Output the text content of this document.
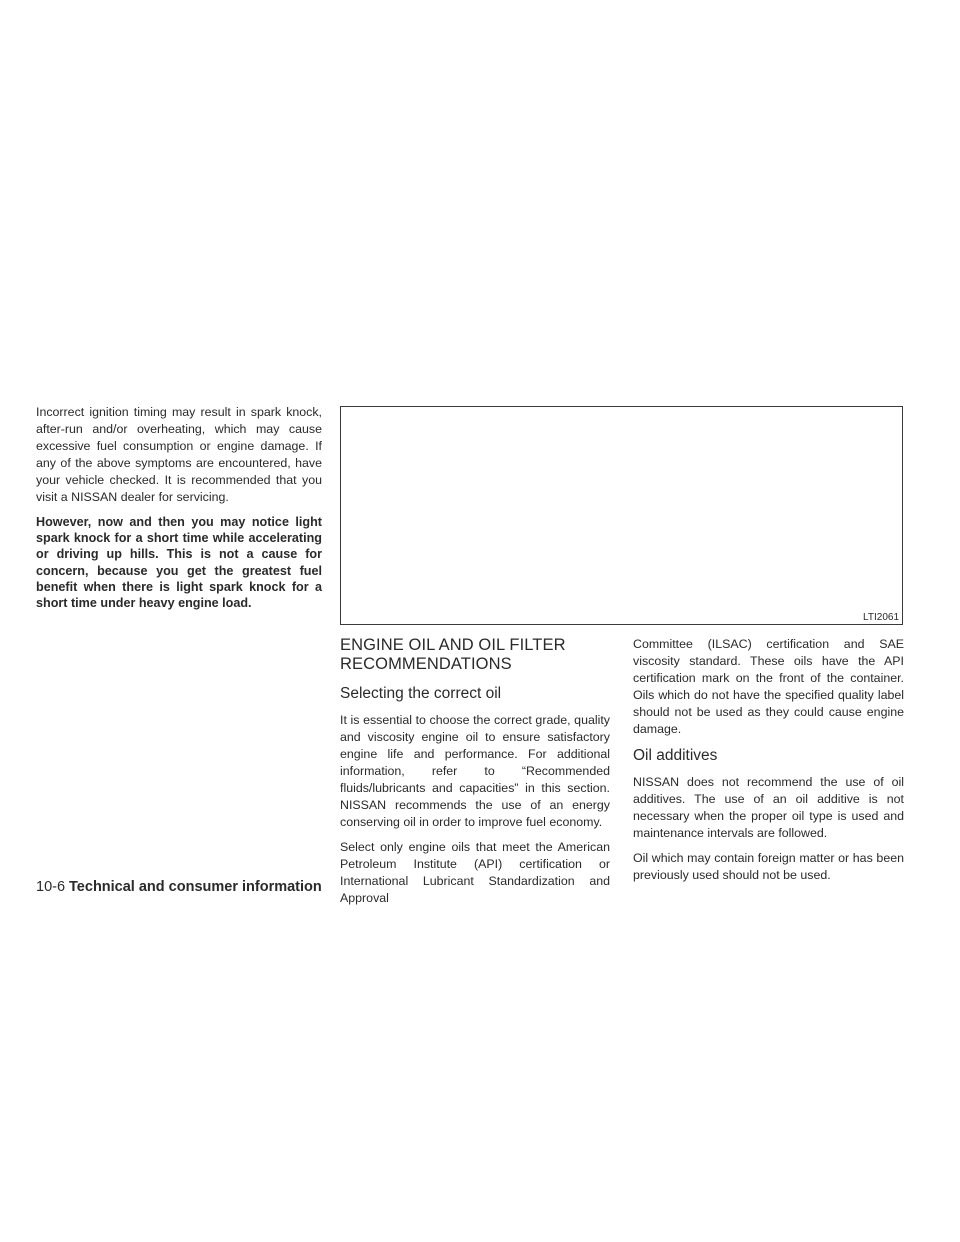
Incorrect ignition timing may result in spark knock, after-run and/or overheating, which may cause excessive fuel consumption or engine damage. If any of the above symptoms are encountered, have your vehicle checked. It is recommended that you visit a NISSAN dealer for servicing.

However, now and then you may notice light spark knock for a short time while accelerating or driving up hills. This is not a cause for concern, because you get the greatest fuel benefit when there is light spark knock for a short time under heavy engine load.

LTI2061
ENGINE OIL AND OIL FILTER RECOMMENDATIONS
Selecting the correct oil

It is essential to choose the correct grade, quality and viscosity engine oil to ensure satisfactory engine life and performance. For additional information, refer to “Recommended fluids/lubricants and capacities” in this section. NISSAN recommends the use of an energy conserving oil in order to improve fuel economy.

Select only engine oils that meet the American Petroleum Institute (API) certification or International Lubricant Standardization and Approval

Committee (ILSAC) certification and SAE viscosity standard. These oils have the API certification mark on the front of the container. Oils which do not have the specified quality label should not be used as they could cause engine damage.

Oil additives

NISSAN does not recommend the use of oil additives. The use of an oil additive is not necessary when the proper oil type is used and maintenance intervals are followed.

Oil which may contain foreign matter or has been previously used should not be used.

10-6 Technical and consumer information
